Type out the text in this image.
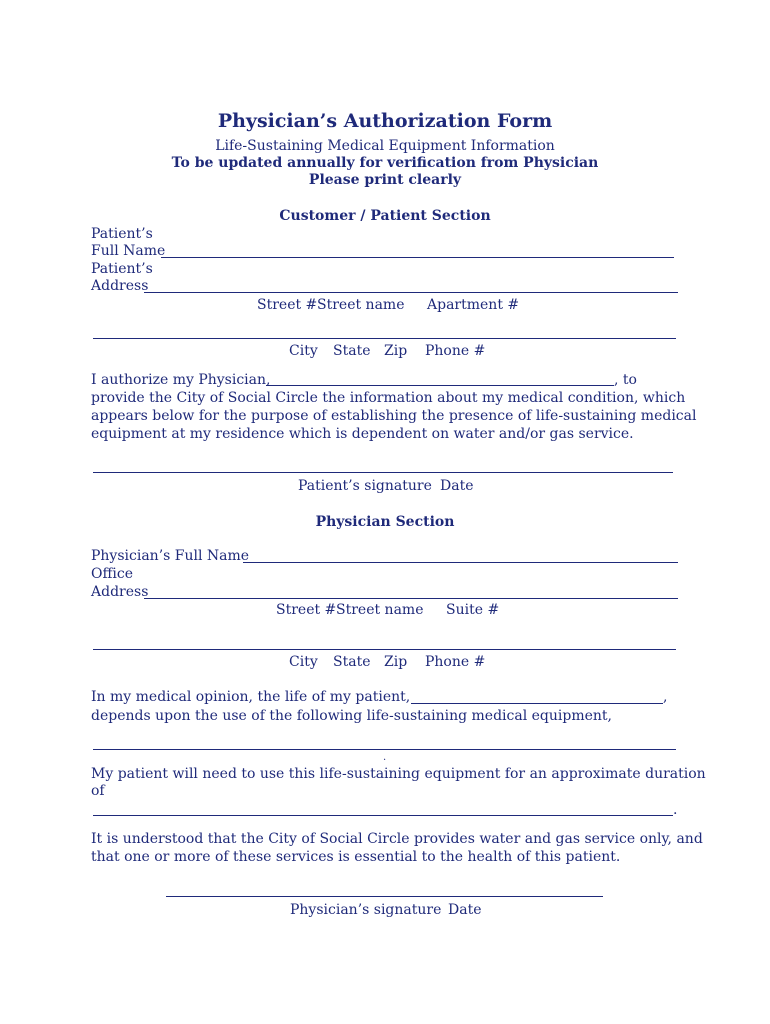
Physician’s Authorization Form
Life-Sustaining Medical Equipment Information
To be updated annually for verification from Physician
Please print clearly
Customer / Patient Section
Patient’s
Full Name
Patient’s
Address
Street # Street name Apartment #
City State Zip Phone #
I authorize my Physician,	, to
provide the City of Social Circle the information about my medical condition, which
appears below for the purpose of establishing the presence of life-sustaining medical
equipment at my residence which is dependent on water and/or gas service.
Patient’s signature Date
Physician Section
Physician’s Full Name
Office
Address
Street # Street name Suite #
City State Zip Phone #
In my medical opinion, the life of my patient,	,
depends upon the use of the following life-sustaining medical equipment,
.
My patient will need to use this life-sustaining equipment for an approximate duration
of
.
It is understood that the City of Social Circle provides water and gas service only, and
that one or more of these services is essential to the health of this patient.
Physician’s signature Date
